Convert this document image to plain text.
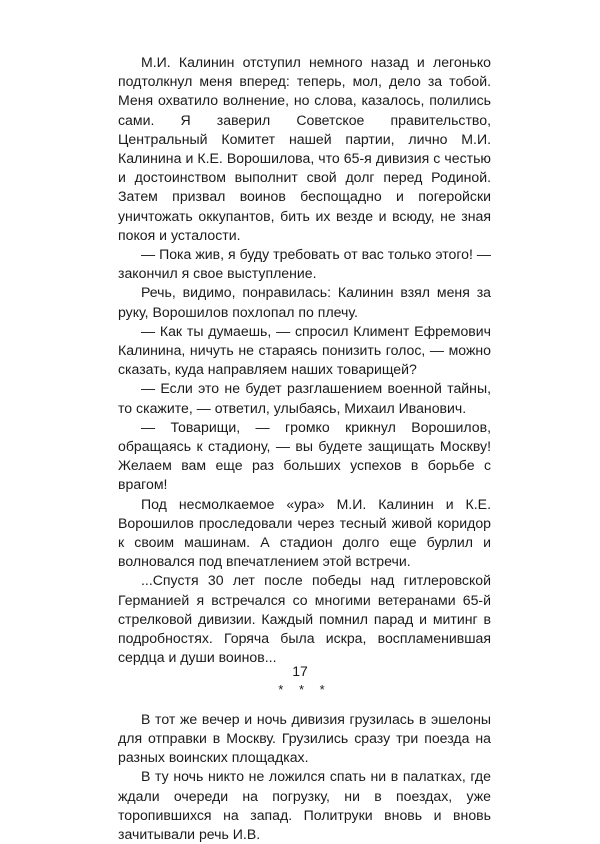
М.И. Калинин отступил немного назад и легонько подтолкнул меня вперед: теперь, мол, дело за тобой. Меня охватило волнение, но слова, казалось, полились сами. Я заверил Советское правительство, Центральный Комитет нашей партии, лично М.И. Калинина и К.Е. Ворошилова, что 65-я дивизия с честью и достоинством выполнит свой долг перед Родиной. Затем призвал воинов беспощадно и погеройски уничтожать оккупантов, бить их везде и всюду, не зная покоя и усталости.

— Пока жив, я буду требовать от вас только этого! — закончил я свое выступление.

Речь, видимо, понравилась: Калинин взял меня за руку, Ворошилов похлопал по плечу.

— Как ты думаешь, — спросил Климент Ефремович Калинина, ничуть не стараясь понизить голос, — можно сказать, куда направляем наших товарищей?

— Если это не будет разглашением военной тайны, то скажите, — ответил, улыбаясь, Михаил Иванович.

— Товарищи, — громко крикнул Ворошилов, обращаясь к стадиону, — вы будете защищать Москву! Желаем вам еще раз больших успехов в борьбе с врагом!

Под несмолкаемое «ура» М.И. Калинин и К.Е. Ворошилов проследовали через тесный живой коридор к своим машинам. А стадион долго еще бурлил и волновался под впечатлением этой встречи.

...Спустя 30 лет после победы над гитлеровской Германией я встречался со многими ветеранами 65-й стрелковой дивизии. Каждый помнил парад и митинг в подробностях. Горяча была искра, воспламенившая сердца и души воинов...

* * *

В тот же вечер и ночь дивизия грузилась в эшелоны для отправки в Москву. Грузились сразу три поезда на разных воинских площадках.

В ту ночь никто не ложился спать ни в палатках, где ждали очереди на погрузку, ни в поездах, уже торопившихся на запад. Политруки вновь и вновь зачитывали речь И.В.

17
